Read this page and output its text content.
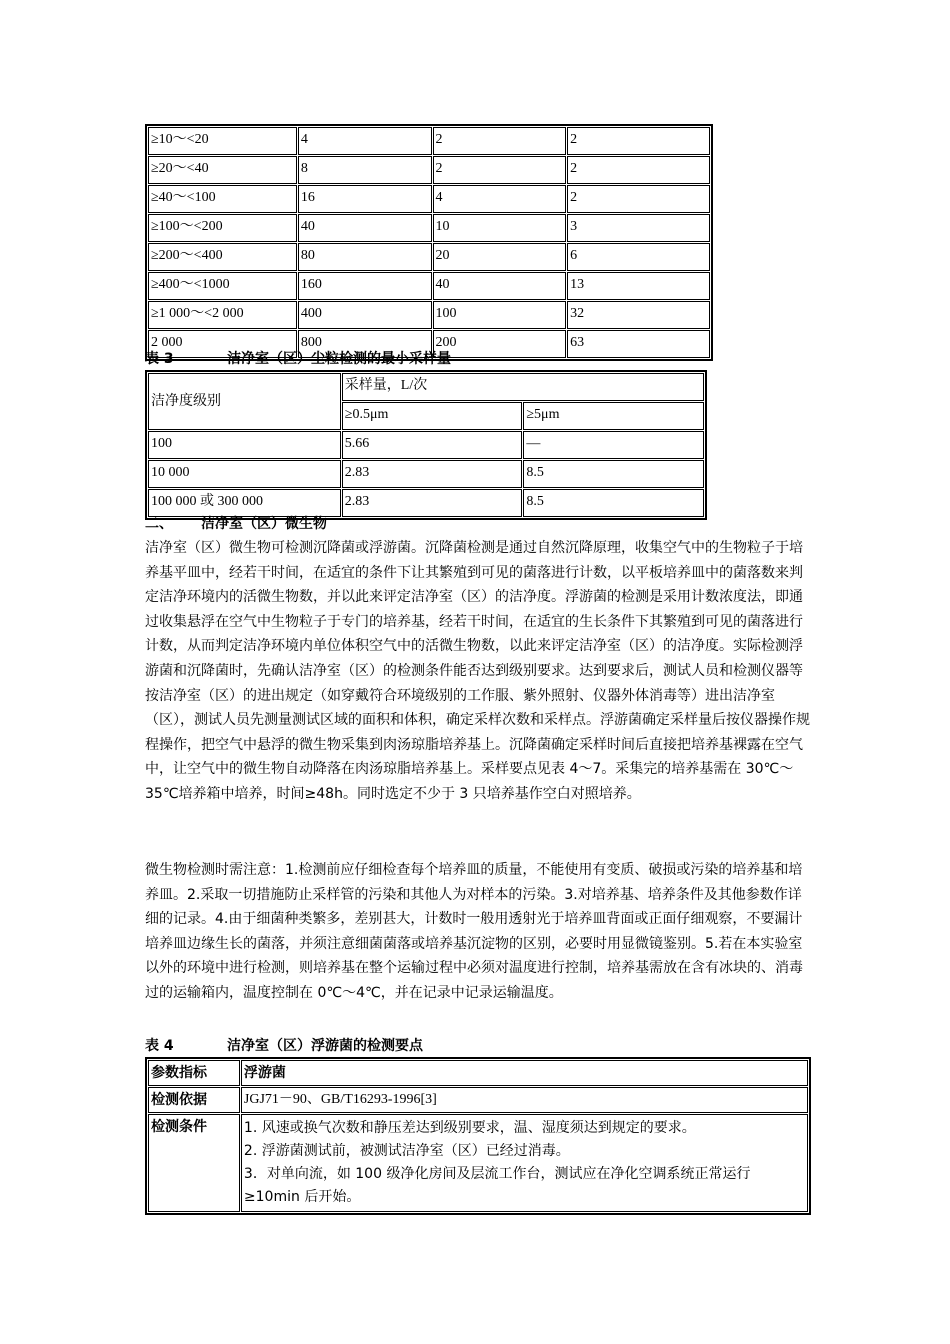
≥10～<20	4	2	2
≥20～<40	8	2	2
≥40～<100	16	4	2
≥100～<200	40	10	3
≥200～<400	80	20	6
≥400～<1000	160	40	13
≥1 000～<2 000	400	100	32
2 000	800	200	63
表 3	洁净室（区）尘粒检测的最小采样量
洁净度级别	采样量，L/次	
	≥0.5μm	≥5μm
100	5.66	—
10 000	2.83	8.5
100 000 或 300 000	2.83	8.5
二、 洁净室（区）微生物
洁净室（区）微生物可检测沉降菌或浮游菌。沉降菌检测是通过自然沉降原理，收集空气中的生物粒子于培养基平皿中，经若干时间，在适宜的条件下让其繁殖到可见的菌落进行计数，以平板培养皿中的菌落数来判定洁净环境内的活微生物数，并以此来评定洁净室（区）的洁净度。浮游菌的检测是采用计数浓度法，即通过收集悬浮在空气中生物粒子于专门的培养基，经若干时间，在适宜的生长条件下其繁殖到可见的菌落进行计数，从而判定洁净环境内单位体积空气中的活微生物数，以此来评定洁净室（区）的洁净度。实际检测浮游菌和沉降菌时，先确认洁净室（区）的检测条件能否达到级别要求。达到要求后，测试人员和检测仪器等按洁净室（区）的进出规定（如穿戴符合环境级别的工作服、紫外照射、仪器外体消毒等）进出洁净室（区），测试人员先测量测试区域的面积和体积，确定采样次数和采样点。浮游菌确定采样量后按仪器操作规程操作，把空气中悬浮的微生物采集到肉汤琼脂培养基上。沉降菌确定采样时间后直接把培养基裸露在空气中，让空气中的微生物自动降落在肉汤琼脂培养基上。采样要点见表 4～7。采集完的培养基需在 30℃～35℃培养箱中培养，时间≥48h。同时选定不少于 3 只培养基作空白对照培养。
微生物检测时需注意：1.检测前应仔细检查每个培养皿的质量，不能使用有变质、破损或污染的培养基和培养皿。2.采取一切措施防止采样管的污染和其他人为对样本的污染。3.对培养基、培养条件及其他参数作详细的记录。4.由于细菌种类繁多，差别甚大，计数时一般用透射光于培养皿背面或正面仔细观察，不要漏计培养皿边缘生长的菌落，并须注意细菌菌落或培养基沉淀物的区别，必要时用显微镜鉴别。5.若在本实验室以外的环境中进行检测，则培养基在整个运输过程中必须对温度进行控制，培养基需放在含有冰块的、消毒过的运输箱内，温度控制在 0℃～4℃，并在记录中记录运输温度。
表 4	洁净室（区）浮游菌的检测要点
参数指标	浮游菌
检测依据	JGJ71－90、GB/T16293-1996[3]
检测条件	1. 风速或换气次数和静压差达到级别要求，温、湿度须达到规定的要求。
2. 浮游菌测试前，被测试洁净室（区）已经过消毒。
3．对单向流，如 100 级净化房间及层流工作台，测试应在净化空调系统正常运行≥10min 后开始。
